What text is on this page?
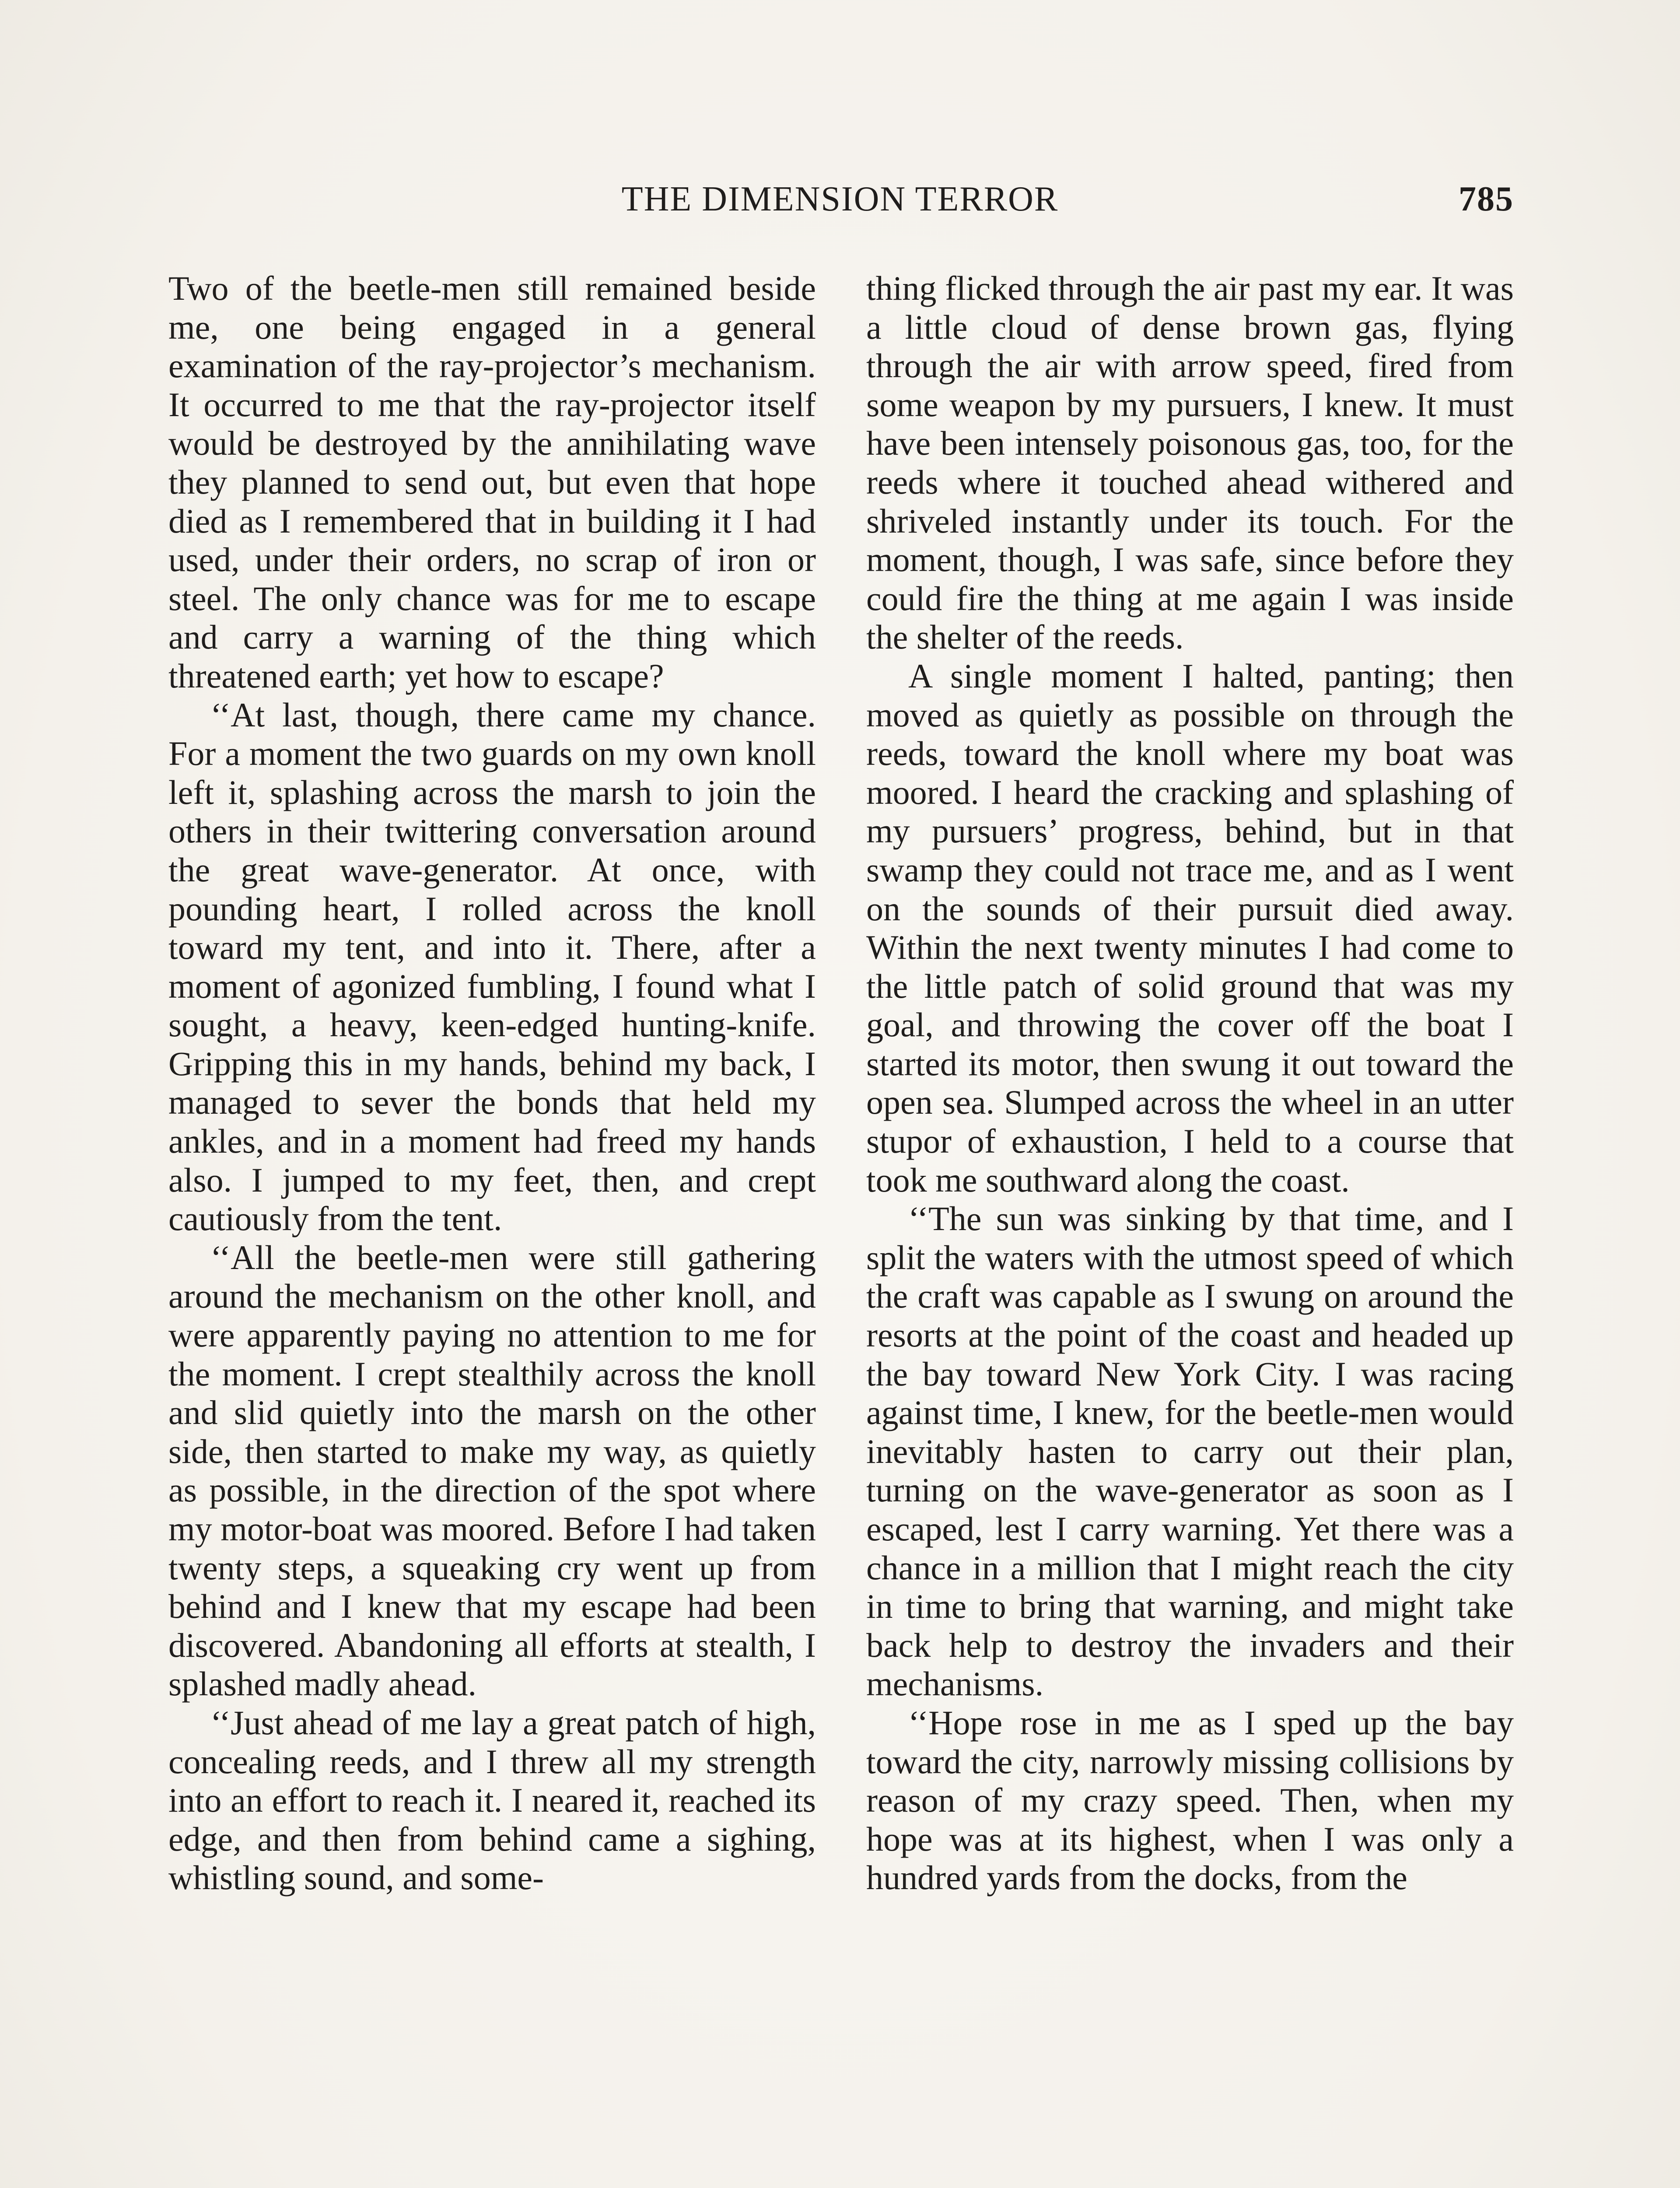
THE DIMENSION TERROR	785

Two of the beetle-men still remained beside me, one being engaged in a general examination of the ray-projector’s mechanism. It occurred to me that the ray-projector itself would be destroyed by the annihilating wave they planned to send out, but even that hope died as I remembered that in building it I had used, under their orders, no scrap of iron or steel. The only chance was for me to escape and carry a warning of the thing which threatened earth; yet how to escape?

‘‘At last, though, there came my chance. For a moment the two guards on my own knoll left it, splashing across the marsh to join the others in their twittering conversation around the great wave-generator. At once, with pounding heart, I rolled across the knoll toward my tent, and into it. There, after a moment of agonized fumbling, I found what I sought, a heavy, keen-edged hunting-knife. Gripping this in my hands, behind my back, I managed to sever the bonds that held my ankles, and in a moment had freed my hands also. I jumped to my feet, then, and crept cautiously from the tent.

‘‘All the beetle-men were still gathering around the mechanism on the other knoll, and were apparently paying no attention to me for the moment. I crept stealthily across the knoll and slid quietly into the marsh on the other side, then started to make my way, as quietly as possible, in the direction of the spot where my motor-boat was moored. Before I had taken twenty steps, a squeaking cry went up from behind and I knew that my escape had been discovered. Abandoning all efforts at stealth, I splashed madly ahead.

‘‘Just ahead of me lay a great patch of high, concealing reeds, and I threw all my strength into an effort to reach it. I neared it, reached its edge, and then from behind came a sighing, whistling sound, and some-

thing flicked through the air past my ear. It was a little cloud of dense brown gas, flying through the air with arrow speed, fired from some weapon by my pursuers, I knew. It must have been intensely poisonous gas, too, for the reeds where it touched ahead withered and shriveled instantly under its touch. For the moment, though, I was safe, since before they could fire the thing at me again I was inside the shelter of the reeds.

A single moment I halted, panting; then moved as quietly as possible on through the reeds, toward the knoll where my boat was moored. I heard the cracking and splashing of my pursuers’ progress, behind, but in that swamp they could not trace me, and as I went on the sounds of their pursuit died away. Within the next twenty minutes I had come to the little patch of solid ground that was my goal, and throwing the cover off the boat I started its motor, then swung it out toward the open sea. Slumped across the wheel in an utter stupor of exhaustion, I held to a course that took me southward along the coast.

‘‘The sun was sinking by that time, and I split the waters with the utmost speed of which the craft was capable as I swung on around the resorts at the point of the coast and headed up the bay toward New York City. I was racing against time, I knew, for the beetle-men would inevitably hasten to carry out their plan, turning on the wave-generator as soon as I escaped, lest I carry warning. Yet there was a chance in a million that I might reach the city in time to bring that warning, and might take back help to destroy the invaders and their mechanisms.

‘‘Hope rose in me as I sped up the bay toward the city, narrowly missing collisions by reason of my crazy speed. Then, when my hope was at its highest, when I was only a hundred yards from the docks, from the
